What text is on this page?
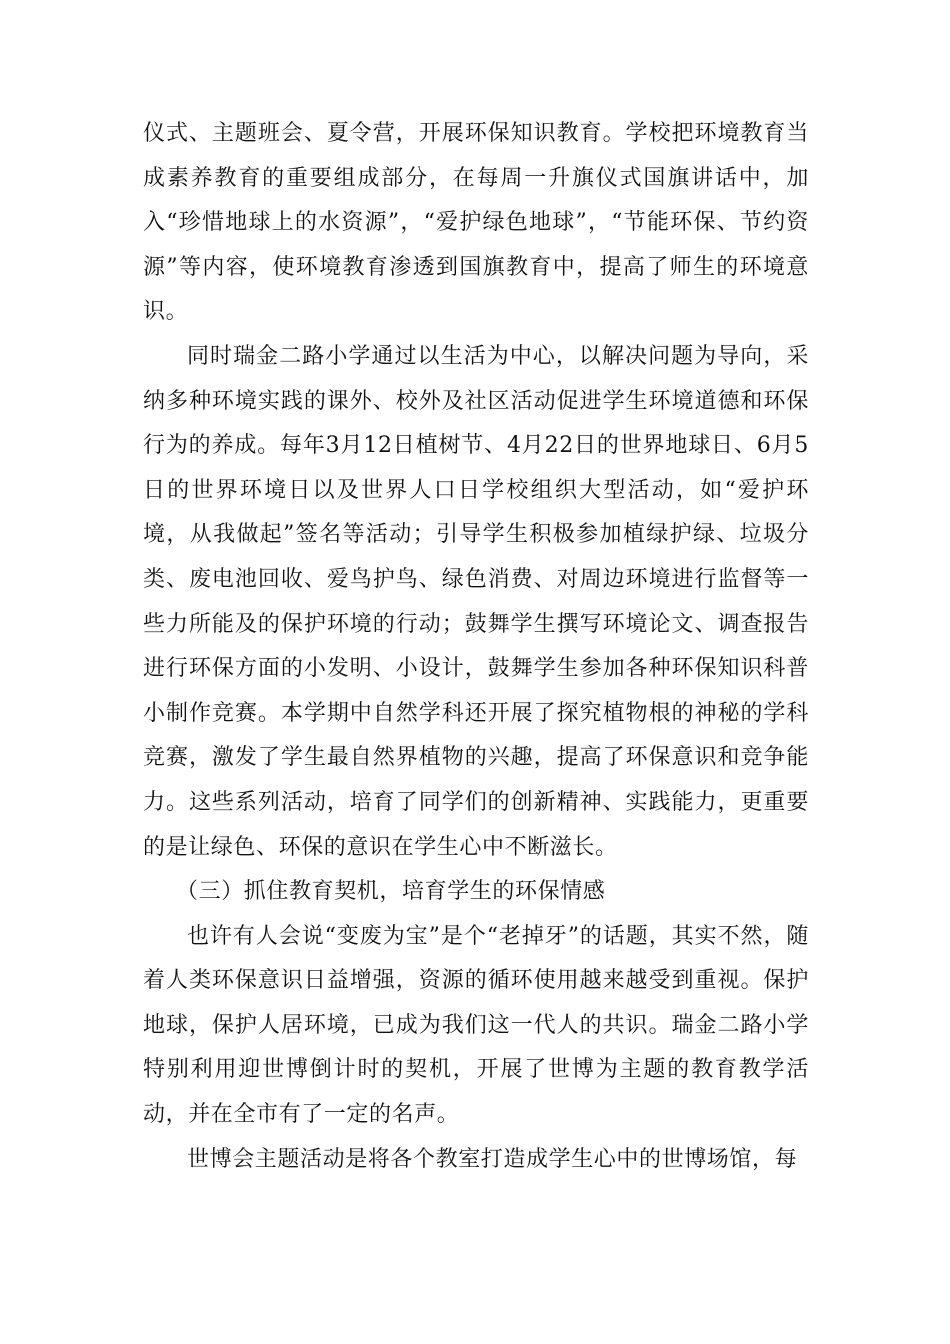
仪式、主题班会、夏令营，开展环保知识教育。学校把环境教育当成素养教育的重要组成部分，在每周一升旗仪式国旗讲话中，加入“珍惜地球上的水资源”，“爱护绿色地球”，“节能环保、节约资源”等内容，使环境教育渗透到国旗教育中，提高了师生的环境意识。

同时瑞金二路小学通过以生活为中心，以解决问题为导向，采纳多种环境实践的课外、校外及社区活动促进学生环境道德和环保行为的养成。每年3月12日植树节、4月22日的世界地球日、6月5日的世界环境日以及世界人口日学校组织大型活动，如“爱护环境，从我做起”签名等活动；引导学生积极参加植绿护绿、垃圾分类、废电池回收、爱鸟护鸟、绿色消费、对周边环境进行监督等一些力所能及的保护环境的行动；鼓舞学生撰写环境论文、调查报告进行环保方面的小发明、小设计，鼓舞学生参加各种环保知识科普小制作竞赛。本学期中自然学科还开展了探究植物根的神秘的学科竞赛，激发了学生最自然界植物的兴趣，提高了环保意识和竞争能力。这些系列活动，培育了同学们的创新精神、实践能力，更重要的是让绿色、环保的意识在学生心中不断滋长。

（三）抓住教育契机，培育学生的环保情感

也许有人会说“变废为宝”是个“老掉牙”的话题，其实不然，随着人类环保意识日益增强，资源的循环使用越来越受到重视。保护地球，保护人居环境，已成为我们这一代人的共识。瑞金二路小学特别利用迎世博倒计时的契机，开展了世博为主题的教育教学活动，并在全市有了一定的名声。

世博会主题活动是将各个教室打造成学生心中的世博场馆，每
